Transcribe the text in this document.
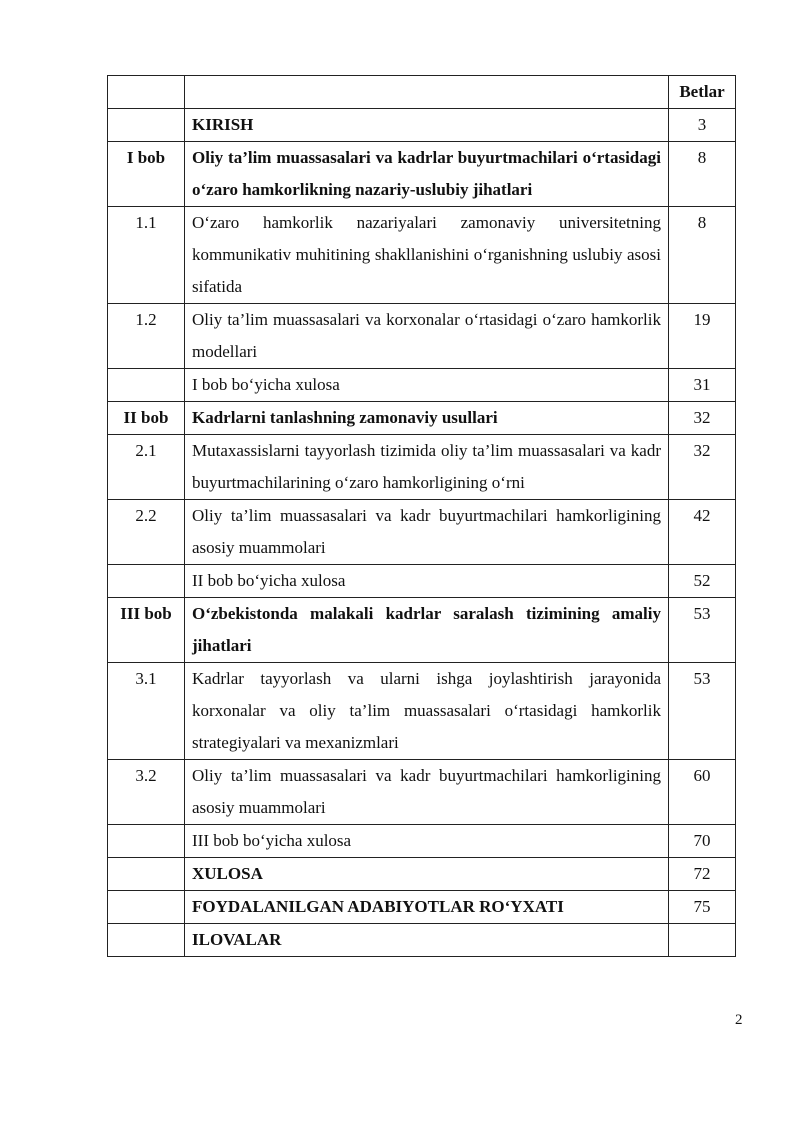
		Betlar
	KIRISH	3
I bob	Oliy ta’lim muassasalari va kadrlar buyurtmachilari o‘rtasidagi o‘zaro hamkorlikning nazariy-uslubiy jihatlari	8
1.1	O‘zaro hamkorlik nazariyalari zamonaviy universitetning kommunikativ muhitining shakllanishini o‘rganishning uslubiy asosi sifatida	8
1.2	Oliy ta’lim muassasalari va korxonalar o‘rtasidagi o‘zaro hamkorlik modellari	19
	I bob bo‘yicha xulosa	31
II bob	Kadrlarni tanlashning zamonaviy usullari	32
2.1	Mutaxassislarni tayyorlash tizimida oliy ta’lim muassasalari va kadr buyurtmachilarining o‘zaro hamkorligining o‘rni	32
2.2	Oliy ta’lim muassasalari va kadr buyurtmachilari hamkorligining asosiy muammolari	42
	II bob bo‘yicha xulosa	52
III bob	O‘zbekistonda malakali kadrlar saralash tizimining amaliy jihatlari	53
3.1	Kadrlar tayyorlash va ularni ishga joylashtirish jarayonida korxonalar va oliy ta’lim muassasalari o‘rtasidagi hamkorlik strategiyalari va mexanizmlari	53
3.2	Oliy ta’lim muassasalari va kadr buyurtmachilari hamkorligining asosiy muammolari	60
	III bob bo‘yicha xulosa	70
	XULOSA	72
	FOYDALANILGAN ADABIYOTLAR RO‘YXATI	75
	ILOVALAR	
2
